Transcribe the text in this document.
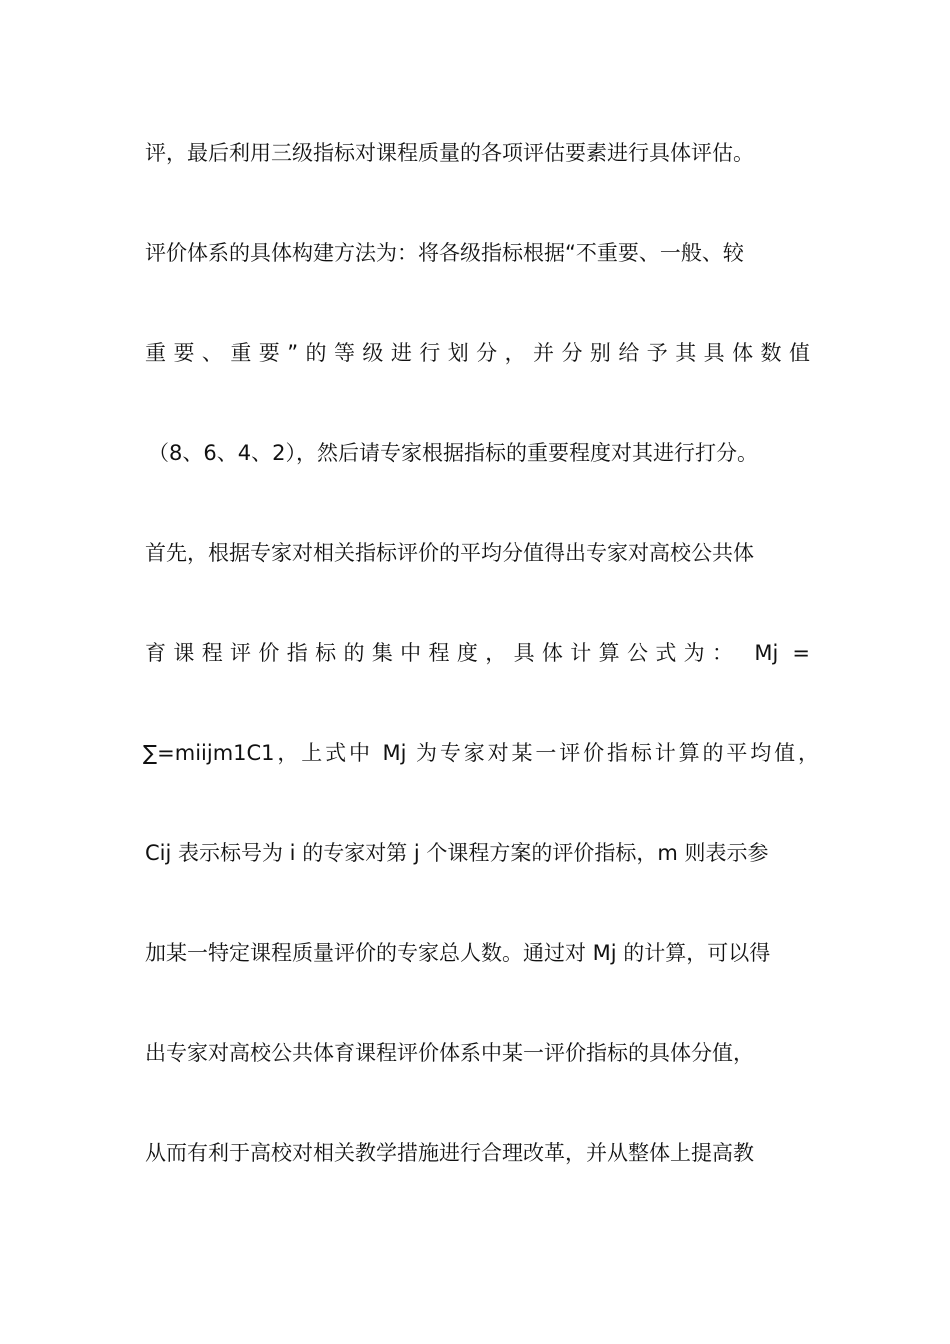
评，最后利用三级指标对课程质量的各项评估要素进行具体评估。
评价体系的具体构建方法为：将各级指标根据“不重要、一般、较
重要、重要”的等级进行划分，并分别给予其具体数值
（8、6、4、2），然后请专家根据指标的重要程度对其进行打分。
首先，根据专家对相关指标评价的平均分值得出专家对高校公共体
育课程评价指标的集中程度，具体计算公式为： Mj =
∑=miijm1C1，上式中 Mj 为专家对某一评价指标计算的平均值，
Cij 表示标号为 i 的专家对第 j 个课程方案的评价指标，m 则表示参
加某一特定课程质量评价的专家总人数。通过对 Mj 的计算，可以得
出专家对高校公共体育课程评价体系中某一评价指标的具体分值，
从而有利于高校对相关教学措施进行合理改革，并从整体上提高教
